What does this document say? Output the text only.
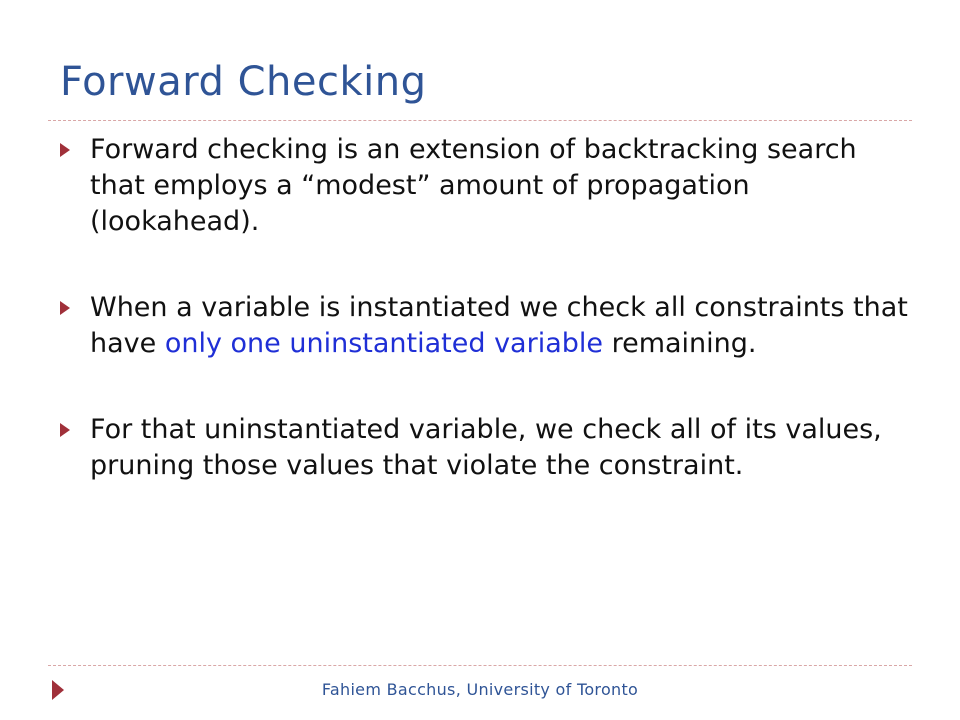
Forward Checking
Forward checking is an extension of backtracking search that employs a “modest” amount of propagation (lookahead).
When a variable is instantiated we check all constraints that have only one uninstantiated variable remaining.
For that uninstantiated variable, we check all of its values, pruning those values that violate the constraint.
Fahiem Bacchus, University of Toronto
